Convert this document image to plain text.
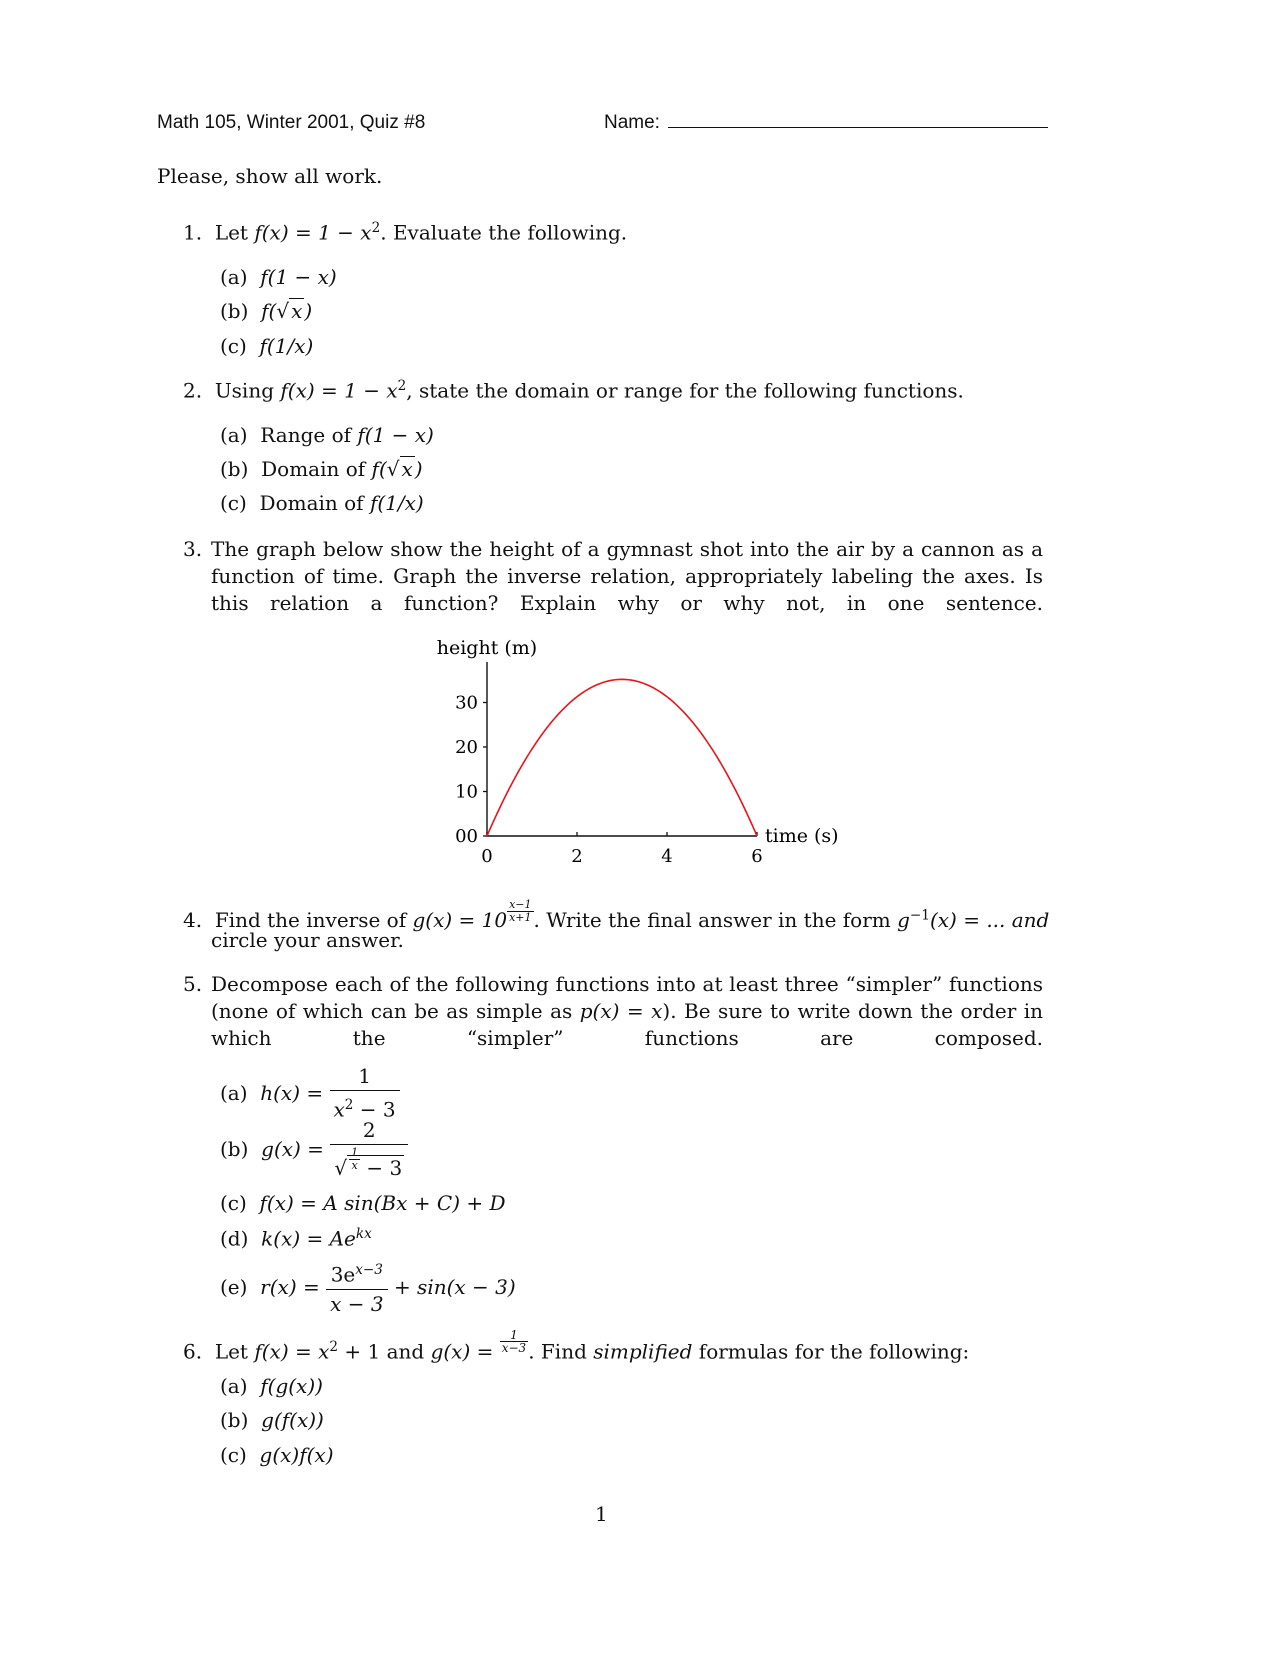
Math 105, Winter 2001, Quiz #8	Name:
Please, show all work.
1. Let $f(x) = 1 - x^2$. Evaluate the following.
(a) f(1 − x)
(b) f(√ x )
(c) f(1/x)
2. Using $f(x) = 1 - x^2$, state the domain or range for the following functions.
(a) Range of f(1 − x)
(b) Domain of f(√ x )
(c) Domain of f(1/x)
3. The graph below show the height of a gymnast shot into the air by a cannon as a function of time. Graph the inverse relation, appropriately labeling the axes. Is this relation a function? Explain why or why not, in one sentence.
height (m)
time (s)
00
10
20
30
0	2	4	6
4. Find the inverse of $g(x) = 10 \frac{x-1}{x+1}$ . Write the final answer in the form $g^{-1}(x)$ = ... and
circle your answer.
5. Decompose each of the following functions into at least three “simpler” functions (none of which can be as simple as p(x) = x). Be sure to write down the order in which the “simpler” functions are composed.
(a) $h(x) = \frac{1}{x^2 - 3}$
(b) $g(x) = \frac{2}{√ \frac{1}{x} - 3}$
(c) f(x) = A sin(Bx + C) + D
(d) $k(x) = Ae^{kx}$
(e) $r(x) = \frac{3e^{x-3}}{x - 3} + \sin(x - 3)$
6. Let $f(x) = x^2 + 1$ and $g(x) = \frac{1}{x-3}$ . Find simplified formulas for the following:
(a) f(g(x))
(b) g(f(x))
(c) g(x)f(x)
1
